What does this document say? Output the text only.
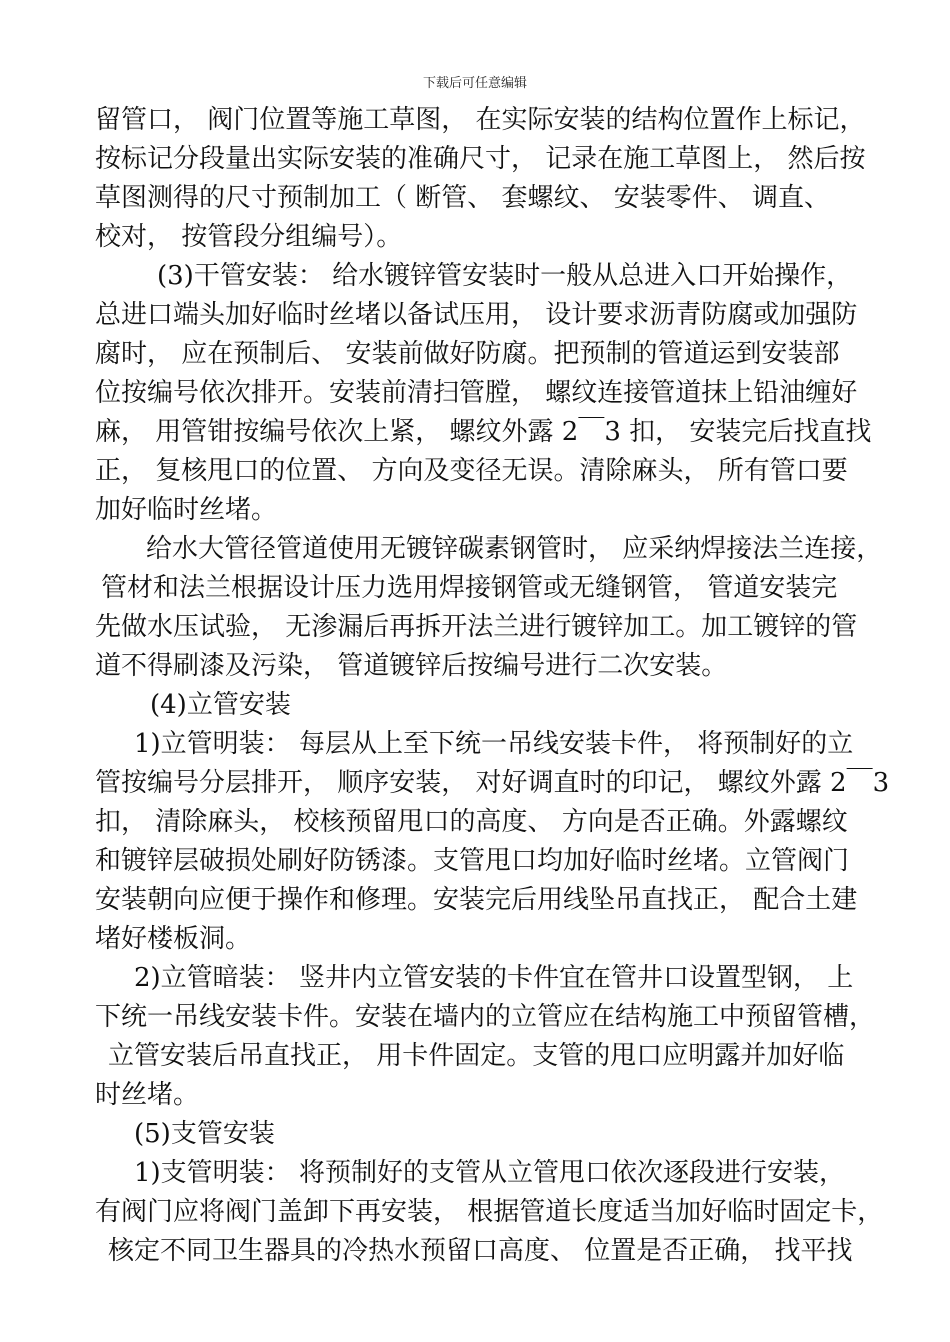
下载后可任意编辑
留管口， 阀门位置等施工草图， 在实际安装的结构位置作上标记，
按标记分段量出实际安装的准确尺寸， 记录在施工草图上， 然后按
草图测得的尺寸预制加工（ 断管、 套螺纹、 安装零件、 调直、
校对， 按管段分组编号）。
(3)干管安装： 给水镀锌管安装时一般从总进入口开始操作，
总进口端头加好临时丝堵以备试压用， 设计要求沥青防腐或加强防
腐时， 应在预制后、 安装前做好防腐。把预制的管道运到安装部
位按编号依次排开。安装前清扫管膛， 螺纹连接管道抹上铅油缠好
麻， 用管钳按编号依次上紧， 螺纹外露 2￣3 扣， 安装完后找直找
正， 复核甩口的位置、 方向及变径无误。清除麻头， 所有管口要
加好临时丝堵。
给水大管径管道使用无镀锌碳素钢管时， 应采纳焊接法兰连接，
管材和法兰根据设计压力选用焊接钢管或无缝钢管， 管道安装完
先做水压试验， 无渗漏后再拆开法兰进行镀锌加工。加工镀锌的管
道不得刷漆及污染， 管道镀锌后按编号进行二次安装。
(4)立管安装
1)立管明装： 每层从上至下统一吊线安装卡件， 将预制好的立
管按编号分层排开， 顺序安装， 对好调直时的印记， 螺纹外露 2￣3
扣， 清除麻头， 校核预留甩口的高度、 方向是否正确。外露螺纹
和镀锌层破损处刷好防锈漆。支管甩口均加好临时丝堵。立管阀门
安装朝向应便于操作和修理。安装完后用线坠吊直找正， 配合土建
堵好楼板洞。
2)立管暗装： 竖井内立管安装的卡件宜在管井口设置型钢， 上
下统一吊线安装卡件。安装在墙内的立管应在结构施工中预留管槽，
立管安装后吊直找正， 用卡件固定。支管的甩口应明露并加好临
时丝堵。
(5)支管安装
1)支管明装： 将预制好的支管从立管甩口依次逐段进行安装，
有阀门应将阀门盖卸下再安装， 根据管道长度适当加好临时固定卡，
核定不同卫生器具的冷热水预留口高度、 位置是否正确， 找平找
